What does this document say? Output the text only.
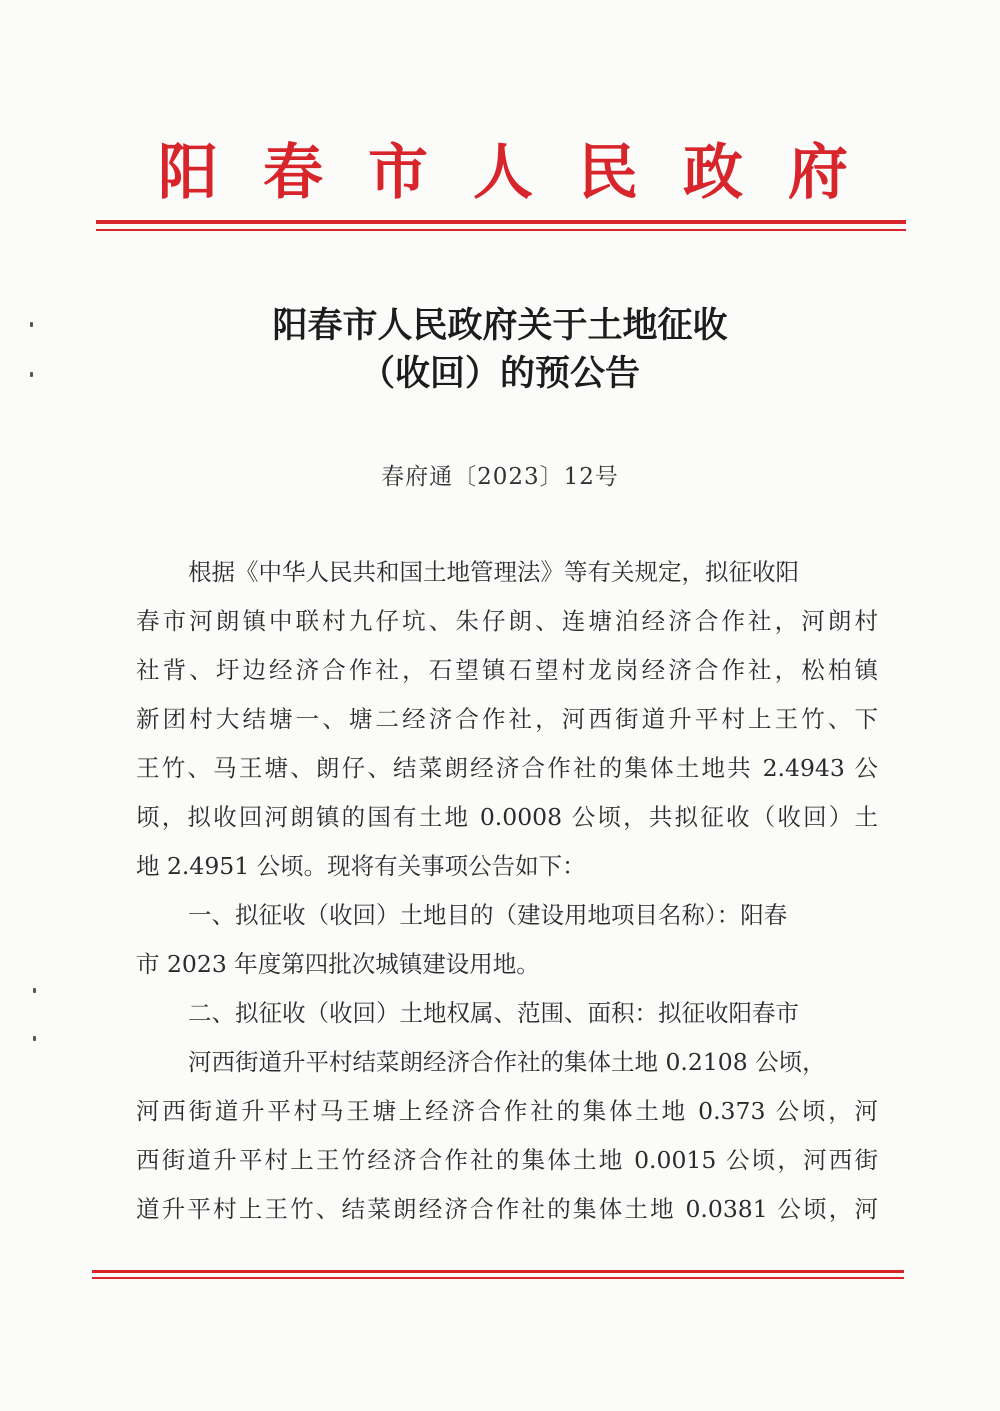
阳 春 市 人 民 政 府
阳春市人民政府关于土地征收
（收回）的预公告
春府通〔2023〕12号
根据《中华人民共和国土地管理法》等有关规定，拟征收阳
春市河朗镇中联村九仔坑、朱仔朗、连塘泊经济合作社，河朗村
社背、圩边经济合作社，石望镇石望村龙岗经济合作社，松柏镇
新团村大结塘一、塘二经济合作社，河西街道升平村上王竹、下
王竹、马王塘、朗仔、结菜朗经济合作社的集体土地共 2.4943 公
顷，拟收回河朗镇的国有土地 0.0008 公顷，共拟征收（收回）土
地 2.4951 公顷。现将有关事项公告如下：
一、拟征收（收回）土地目的（建设用地项目名称）：阳春
市 2023 年度第四批次城镇建设用地。
二、拟征收（收回）土地权属、范围、面积：拟征收阳春市
河西街道升平村结菜朗经济合作社的集体土地 0.2108 公顷，
河西街道升平村马王塘上经济合作社的集体土地 0.373 公顷，河
西街道升平村上王竹经济合作社的集体土地 0.0015 公顷，河西街
道升平村上王竹、结菜朗经济合作社的集体土地 0.0381 公顷，河
